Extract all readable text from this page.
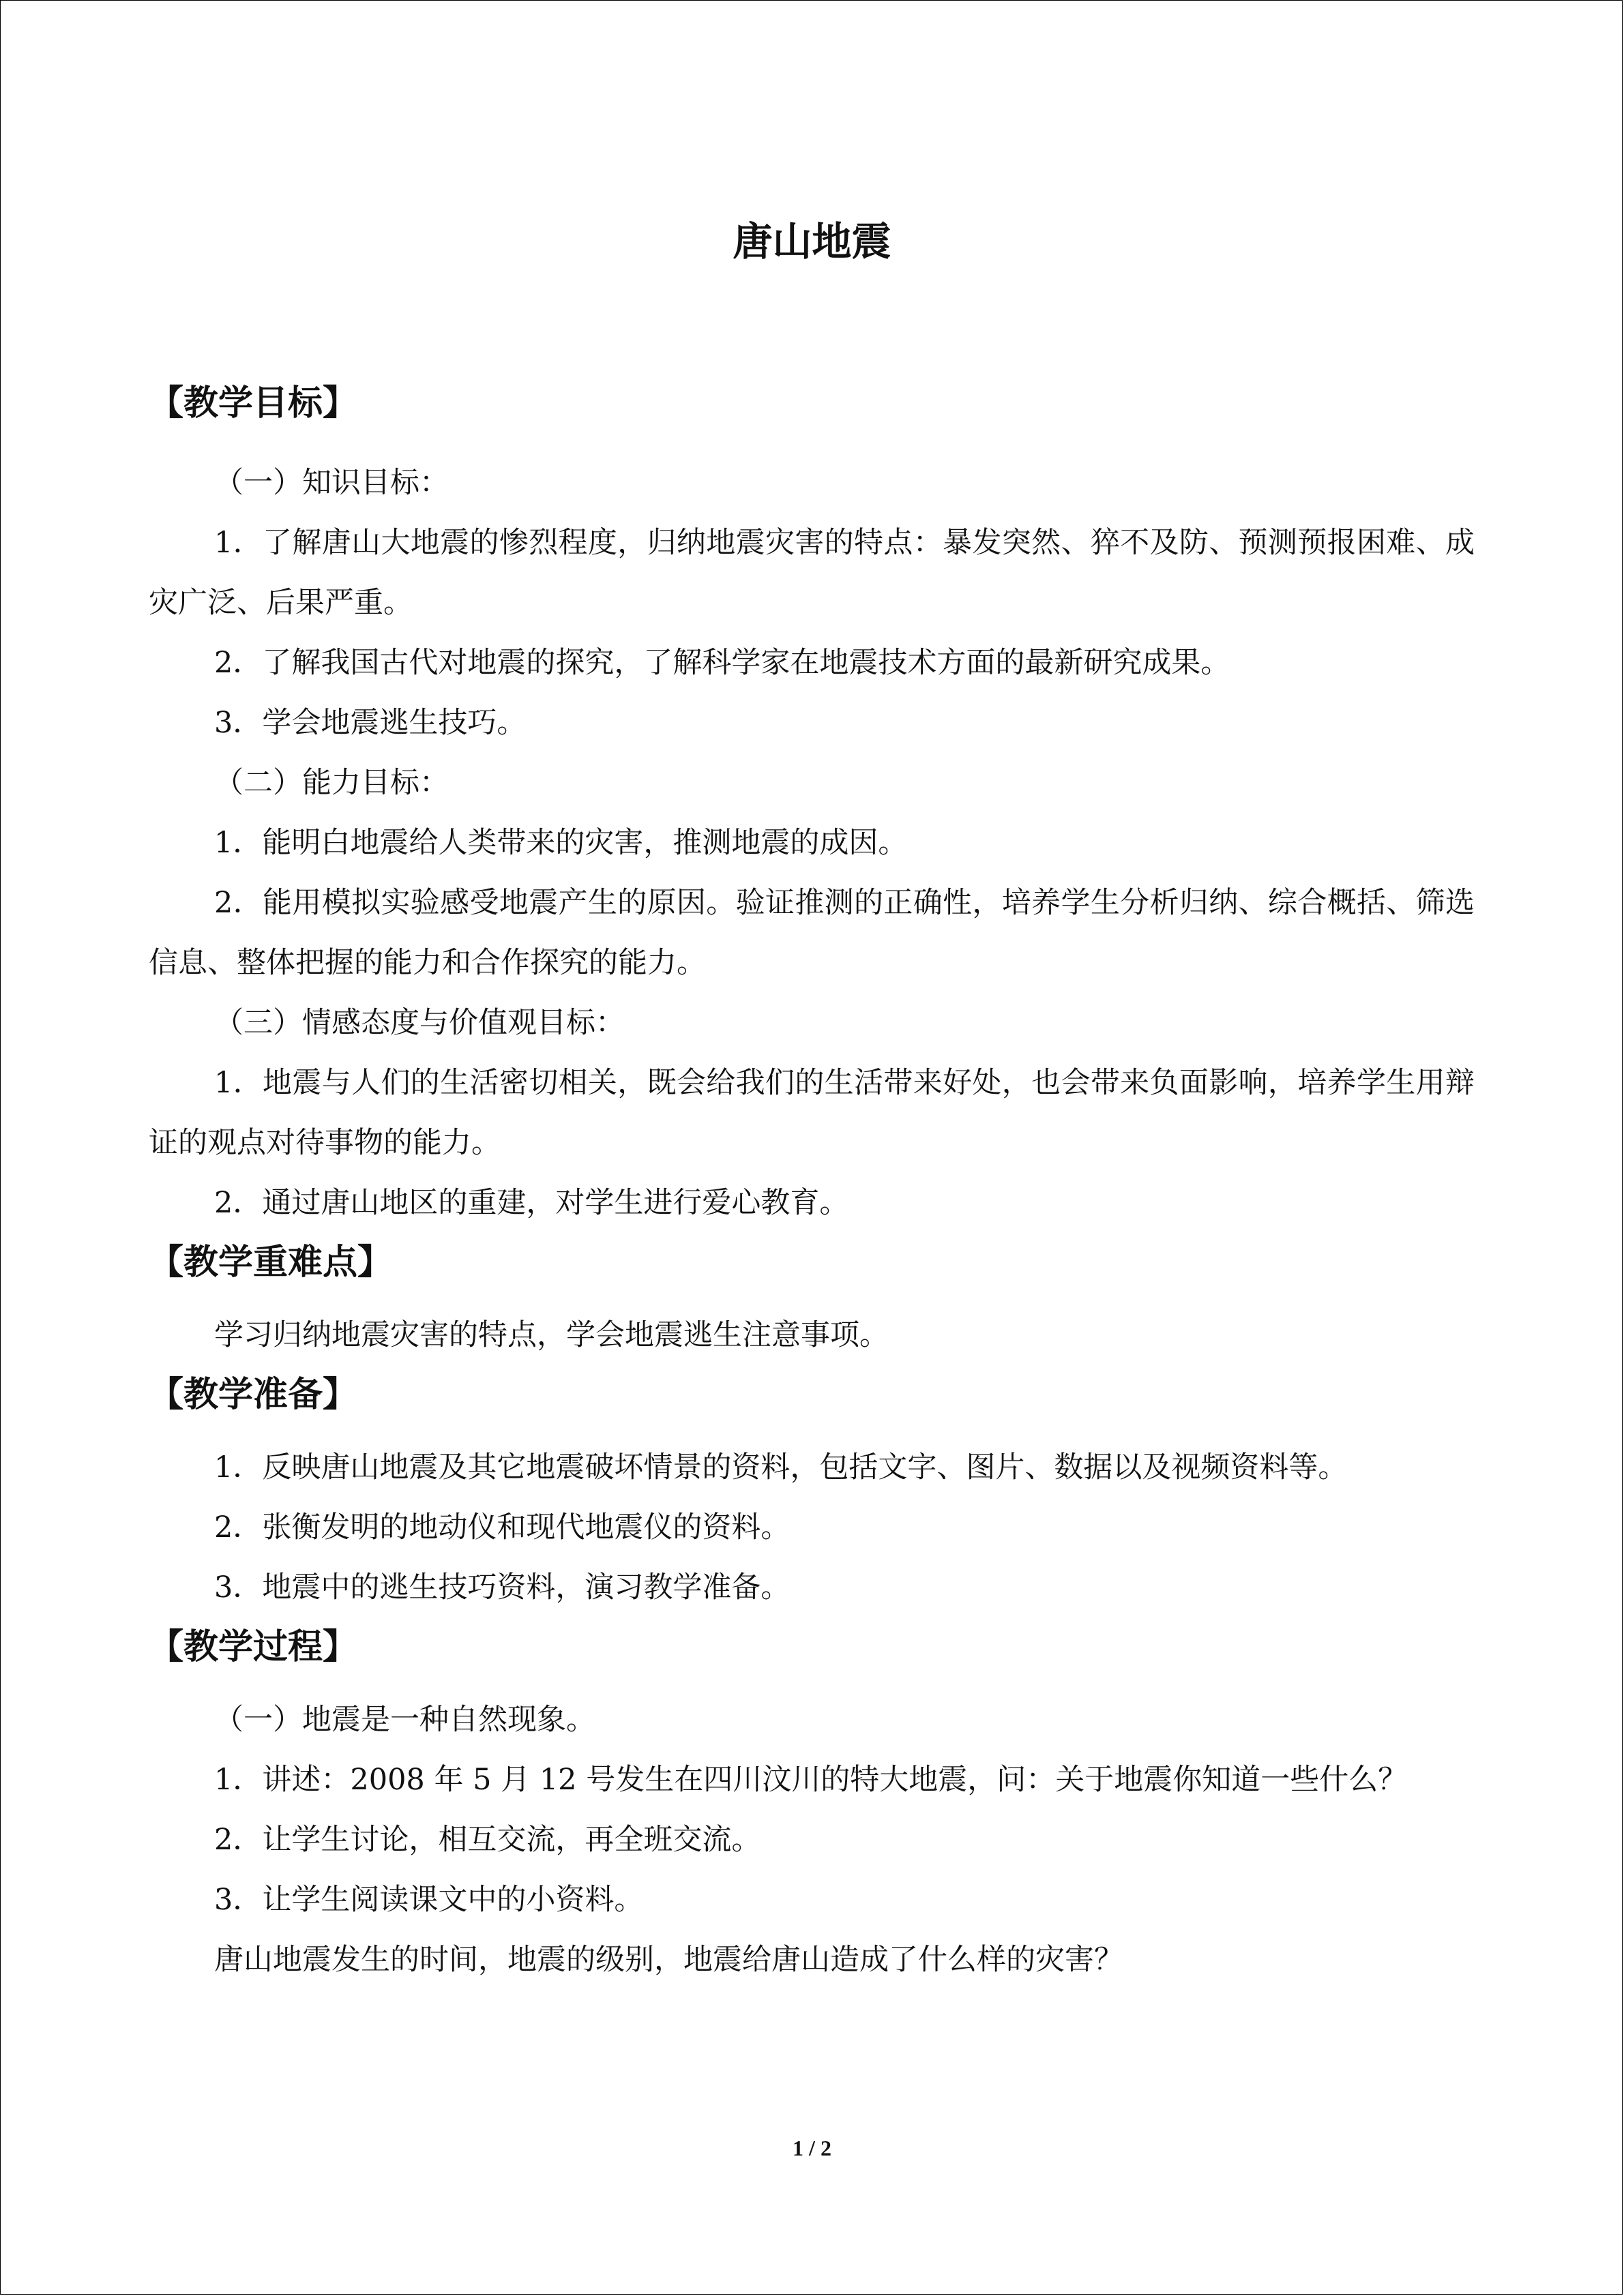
唐山地震
【教学目标】

（一）知识目标：

1．了解唐山大地震的惨烈程度，归纳地震灾害的特点：暴发突然、猝不及防、预测预报困难、成灾广泛、后果严重。

2．了解我国古代对地震的探究，了解科学家在地震技术方面的最新研究成果。

3．学会地震逃生技巧。

（二）能力目标：

1．能明白地震给人类带来的灾害，推测地震的成因。

2．能用模拟实验感受地震产生的原因。验证推测的正确性，培养学生分析归纳、综合概括、筛选信息、整体把握的能力和合作探究的能力。

（三）情感态度与价值观目标：

1．地震与人们的生活密切相关，既会给我们的生活带来好处，也会带来负面影响，培养学生用辩证的观点对待事物的能力。

2．通过唐山地区的重建，对学生进行爱心教育。

【教学重难点】

学习归纳地震灾害的特点，学会地震逃生注意事项。

【教学准备】

1．反映唐山地震及其它地震破坏情景的资料，包括文字、图片、数据以及视频资料等。

2．张衡发明的地动仪和现代地震仪的资料。

3．地震中的逃生技巧资料，演习教学准备。

【教学过程】

（一）地震是一种自然现象。

1．讲述：2008 年 5 月 12 号发生在四川汶川的特大地震，问：关于地震你知道一些什么？

2．让学生讨论，相互交流，再全班交流。

3．让学生阅读课文中的小资料。

唐山地震发生的时间，地震的级别，地震给唐山造成了什么样的灾害？

1 / 2
